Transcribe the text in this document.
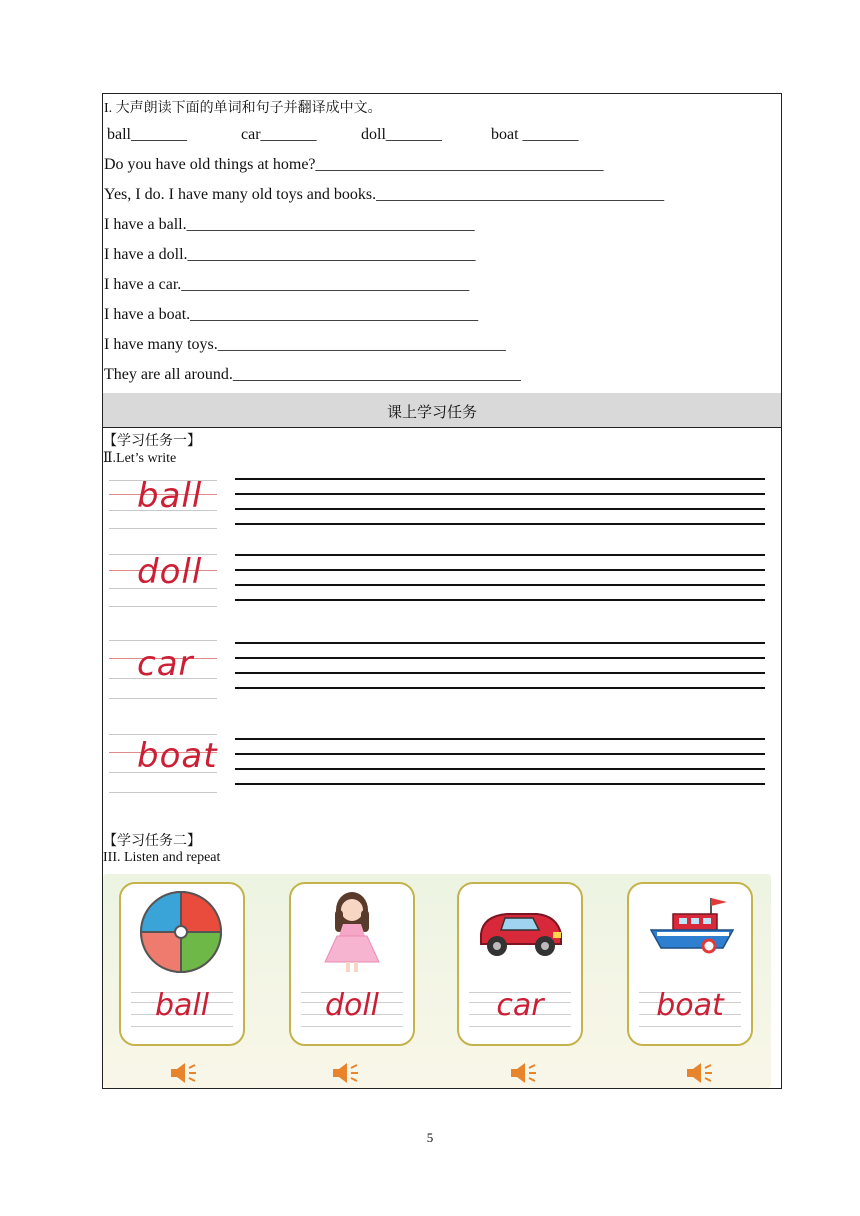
I. 大声朗读下面的单词和句子并翻译成中文。
ball_______	car_______	doll_______	boat _______
Do you have old things at home?____________________________________
Yes, I do. I have many old toys and books.____________________________________
I have a ball.____________________________________
I have a doll.____________________________________
I have a car.____________________________________
I have a boat.____________________________________
I have many toys.____________________________________
They are all around.____________________________________
课上学习任务
【学习任务一】
Ⅱ.Let’s write
ball
doll
car
boat
【学习任务二】
III. Listen and repeat
ball	doll	car	boat
5
